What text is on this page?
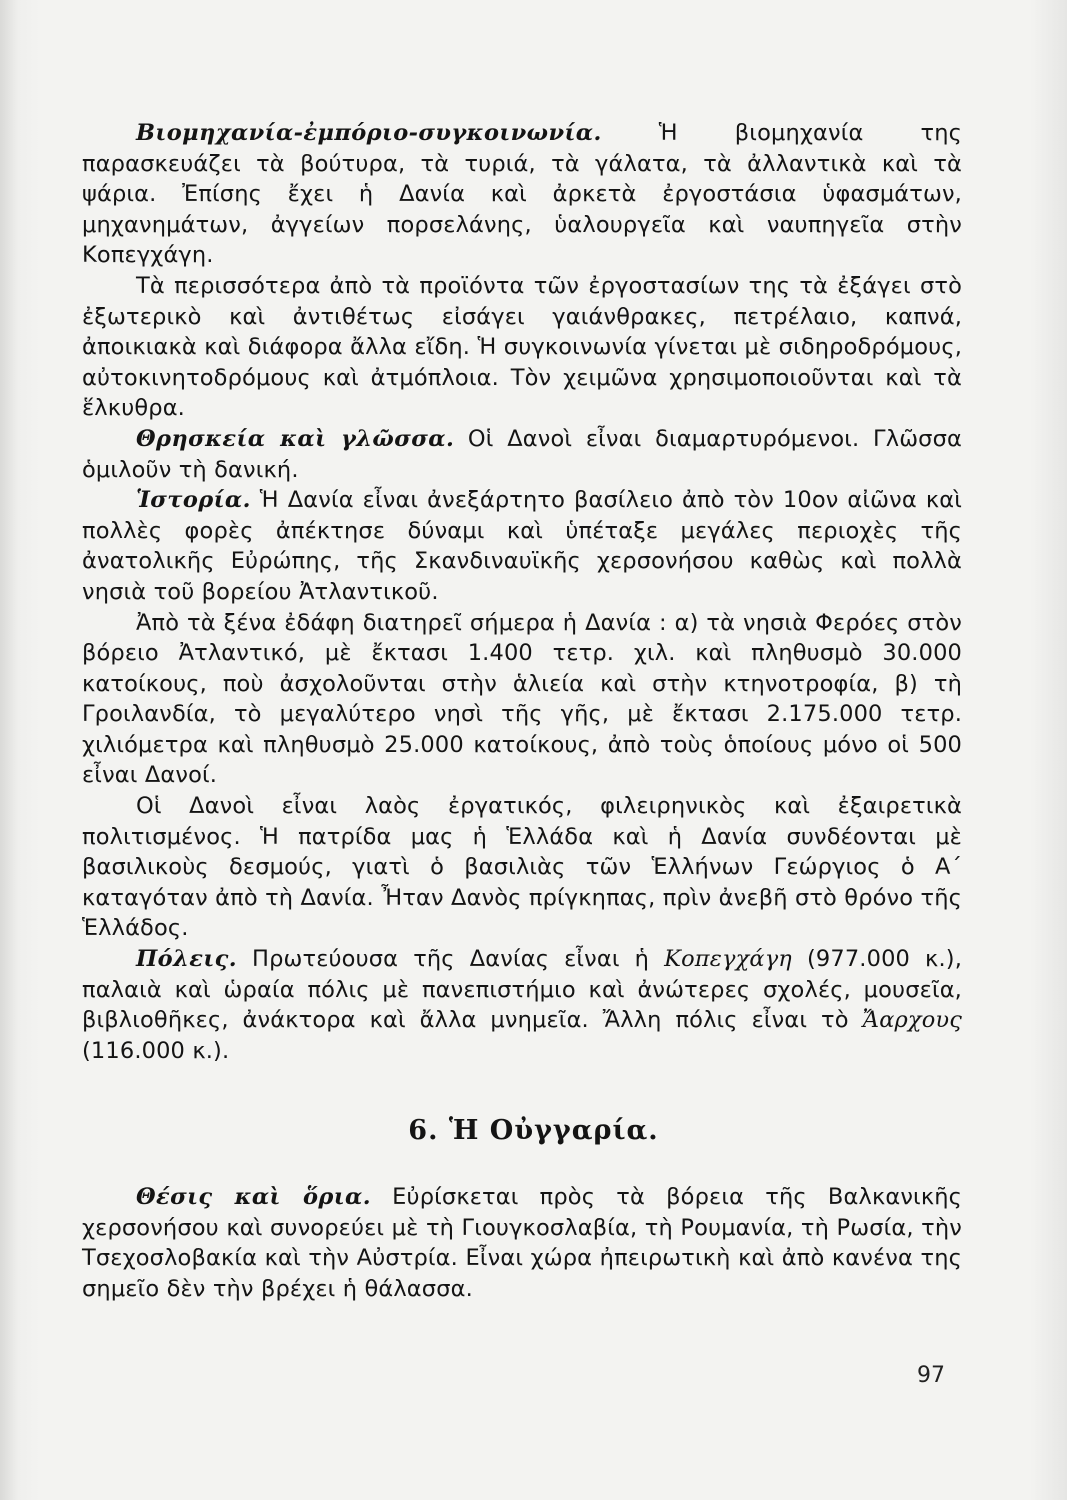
Βιομηχανία-ἐμπόριο-συγκοινωνία. Ἡ βιομηχανία της παρασκευάζει τὰ βούτυρα, τὰ τυριά, τὰ γάλατα, τὰ ἀλλαντικὰ καὶ τὰ ψάρια. Ἐπίσης ἔχει ἡ Δανία καὶ ἀρκετὰ ἐργοστάσια ὑφασμάτων, μηχανημάτων, ἀγγείων πορσελάνης, ὑαλουργεῖα καὶ ναυπηγεῖα στὴν Κοπεγχάγη.

Τὰ περισσότερα ἀπὸ τὰ προϊόντα τῶν ἐργοστασίων της τὰ ἐξάγει στὸ ἐξωτερικὸ καὶ ἀντιθέτως εἰσάγει γαιάνθρακες, πετρέλαιο, καπνά, ἀποικιακὰ καὶ διάφορα ἄλλα εἴδη. Ἡ συγκοινωνία γίνεται μὲ σιδηροδρόμους, αὐτοκινητοδρόμους καὶ ἀτμόπλοια. Τὸν χειμῶνα χρησιμοποιοῦνται καὶ τὰ ἕλκυθρα.

Θρησκεία καὶ γλῶσσα. Οἱ Δανοὶ εἶναι διαμαρτυρόμενοι. Γλῶσσα ὁμιλοῦν τὴ δανική.

Ἱστορία. Ἡ Δανία εἶναι ἀνεξάρτητο βασίλειο ἀπὸ τὸν 10ον αἰῶνα καὶ πολλὲς φορὲς ἀπέκτησε δύναμι καὶ ὑπέταξε μεγάλες περιοχὲς τῆς ἀνατολικῆς Εὐρώπης, τῆς Σκανδιναυϊκῆς χερσονήσου καθὼς καὶ πολλὰ νησιὰ τοῦ βορείου Ἀτλαντικοῦ.

Ἀπὸ τὰ ξένα ἐδάφη διατηρεῖ σήμερα ἡ Δανία : α) τὰ νησιὰ Φερόες στὸν βόρειο Ἀτλαντικό, μὲ ἔκτασι 1.400 τετρ. χιλ. καὶ πληθυσμὸ 30.000 κατοίκους, ποὺ ἀσχολοῦνται στὴν ἁλιεία καὶ στὴν κτηνοτροφία, β) τὴ Γροιλανδία, τὸ μεγαλύτερο νησὶ τῆς γῆς, μὲ ἔκτασι 2.175.000 τετρ. χιλιόμετρα καὶ πληθυσμὸ 25.000 κατοίκους, ἀπὸ τοὺς ὁποίους μόνο οἱ 500 εἶναι Δανοί.

Οἱ Δανοὶ εἶναι λαὸς ἐργατικός, φιλειρηνικὸς καὶ ἐξαιρετικὰ πολιτισμένος. Ἡ πατρίδα μας ἡ Ἑλλάδα καὶ ἡ Δανία συνδέονται μὲ βασιλικοὺς δεσμούς, γιατὶ ὁ βασιλιὰς τῶν Ἑλλήνων Γεώργιος ὁ Α΄ καταγόταν ἀπὸ τὴ Δανία. Ἦταν Δανὸς πρίγκηπας, πρὶν ἀνεβῆ στὸ θρόνο τῆς Ἑλλάδος.

Πόλεις. Πρωτεύουσα τῆς Δανίας εἶναι ἡ Κοπεγχάγη (977.000 κ.), παλαιὰ καὶ ὡραία πόλις μὲ πανεπιστήμιο καὶ ἀνώτερες σχολές, μουσεῖα, βιβλιοθῆκες, ἀνάκτορα καὶ ἄλλα μνημεῖα. Ἄλλη πόλις εἶναι τὸ Ἄαρχους (116.000 κ.).

6. Ἡ Οὐγγαρία.

Θέσις καὶ ὅρια. Εὐρίσκεται πρὸς τὰ βόρεια τῆς Βαλκανικῆς χερσονήσου καὶ συνορεύει μὲ τὴ Γιουγκοσλαβία, τὴ Ρουμανία, τὴ Ρωσία, τὴν Τσεχοσλοβακία καὶ τὴν Αὐστρία. Εἶναι χώρα ἠπειρωτικὴ καὶ ἀπὸ κανένα της σημεῖο δὲν τὴν βρέχει ἡ θάλασσα.

97
